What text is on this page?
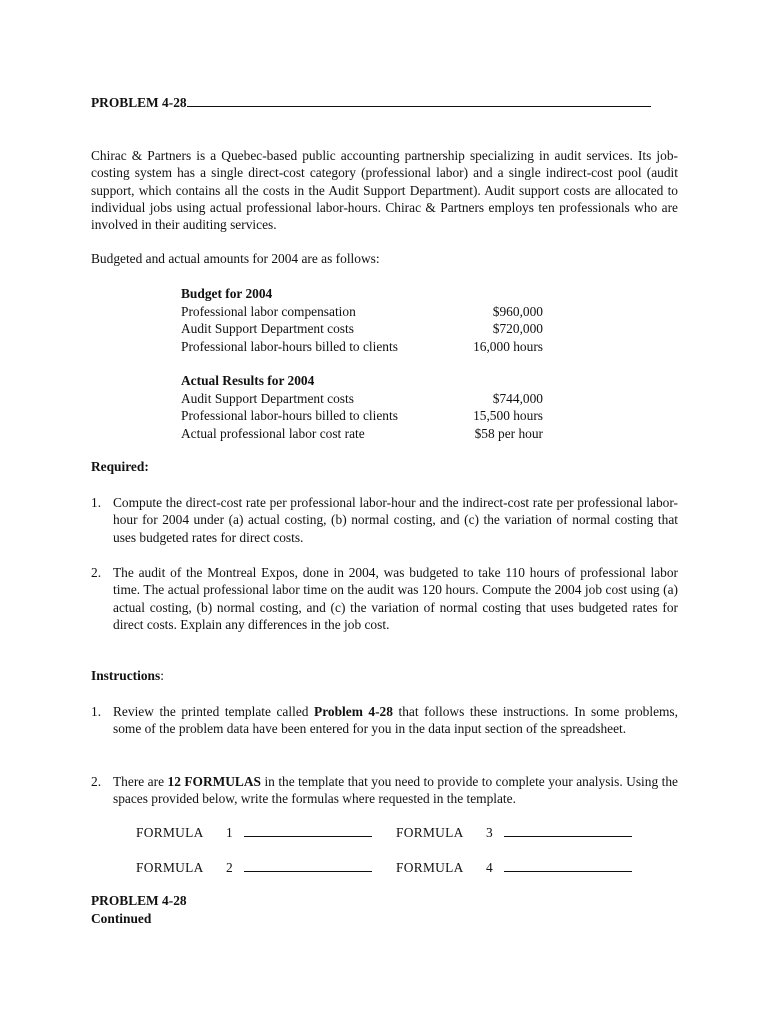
PROBLEM 4-28

Chirac & Partners is a Quebec-based public accounting partnership specializing in audit services. Its job-costing system has a single direct-cost category (professional labor) and a single indirect-cost pool (audit support, which contains all the costs in the Audit Support Department). Audit support costs are allocated to individual jobs using actual professional labor-hours. Chirac & Partners employs ten professionals who are involved in their auditing services.

Budgeted and actual amounts for 2004 are as follows:

Budget for 2004
Professional labor compensation	$960,000
Audit Support Department costs	$720,000
Professional labor-hours billed to clients	16,000 hours
Actual Results for 2004
Audit Support Department costs	$744,000
Professional labor-hours billed to clients	15,500 hours
Actual professional labor cost rate	$58 per hour
Required:
1. Compute the direct-cost rate per professional labor-hour and the indirect-cost rate per professional labor-hour for 2004 under (a) actual costing, (b) normal costing, and (c) the variation of normal costing that uses budgeted rates for direct costs.
2. The audit of the Montreal Expos, done in 2004, was budgeted to take 110 hours of professional labor time. The actual professional labor time on the audit was 120 hours. Compute the 2004 job cost using (a) actual costing, (b) normal costing, and (c) the variation of normal costing that uses budgeted rates for direct costs. Explain any differences in the job cost.
Instructions:
1. Review the printed template called Problem 4-28 that follows these instructions. In some problems, some of the problem data have been entered for you in the data input section of the spreadsheet.
2. There are 12 FORMULAS in the template that you need to provide to complete your analysis. Using the spaces provided below, write the formulas where requested in the template.
FORMULA	1	FORMULA	3
FORMULA	2	FORMULA	4
PROBLEM 4-28
Continued
